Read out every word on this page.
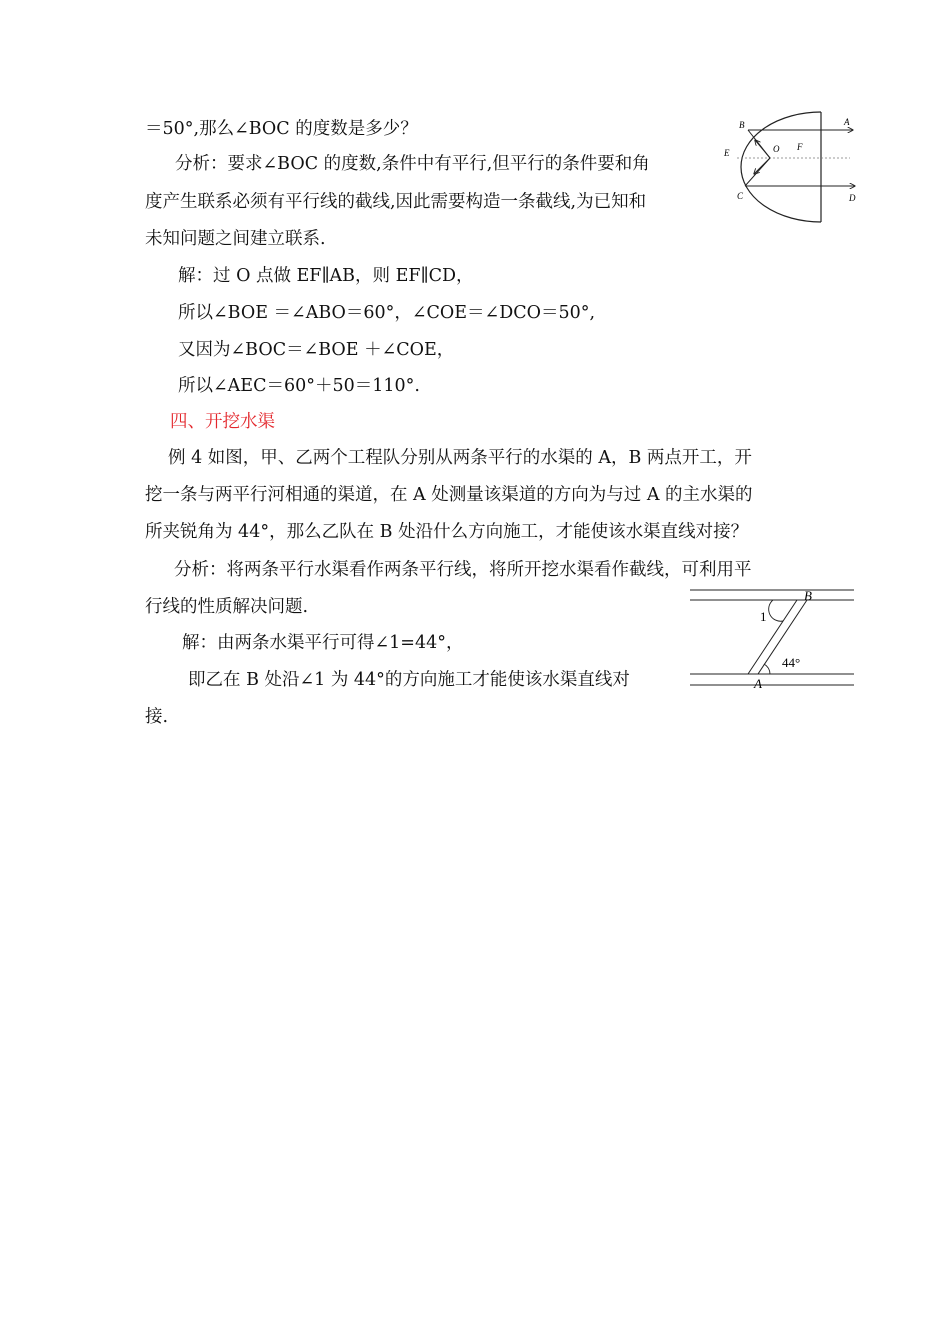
＝50°,那么∠BOC 的度数是多少？
分析：要求∠BOC 的度数,条件中有平行,但平行的条件要和角
度产生联系必须有平行线的截线,因此需要构造一条截线,为已知和
未知问题之间建立联系.
解：过 O 点做 EF∥AB，则 EF∥CD，
所以∠BOE ＝∠ABO＝60°，∠COE＝∠DCO＝50°,
又因为∠BOC＝∠BOE ＋∠COE，
所以∠AEC＝60°＋50＝110°.
A
B
C	D
E
F
O
四、开挖水渠
例 4 如图，甲、乙两个工程队分别从两条平行的水渠的 A，B 两点开工，开
挖一条与两平行河相通的渠道，在 A 处测量该渠道的方向为与过 A 的主水渠的
所夹锐角为 44°，那么乙队在 B 处沿什么方向施工，才能使该水渠直线对接？
分析：将两条平行水渠看作两条平行线，将所开挖水渠看作截线，可利用平
行线的性质解决问题.
解：由两条水渠平行可得∠1=44°，
即乙在 B 处沿∠1 为 44°的方向施工才能使该水渠直线对
接.
1
44°
B
A
